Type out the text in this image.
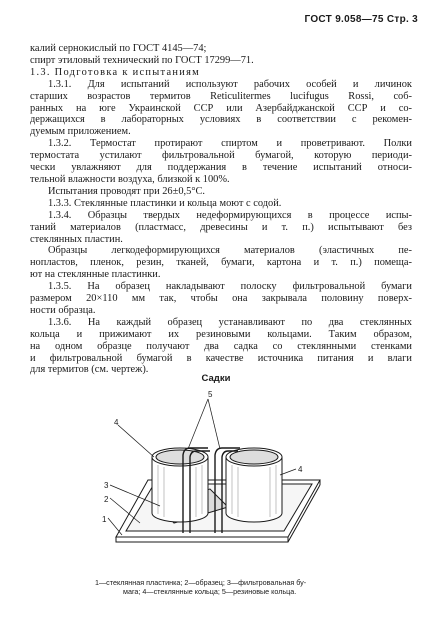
ГОСТ 9.058—75 Стр. 3
калий сернокислый по ГОСТ 4145—74;
спирт этиловый технический по ГОСТ 17299—71.
1.3. Подготовка к испытаниям
1.3.1. Для испытаний используют рабочих особей и личинок
старших возрастов термитов Reticulitermes lucifugus Rossi, соб-
ранных на юге Украинской ССР или Азербайджанской ССР и со-
держащихся в лабораторных условиях в соответствии с рекомен-
дуемым приложением.
1.3.2. Термостат протирают спиртом и проветривают. Полки
термостата устилают фильтровальной бумагой, которую периоди-
чески увлажняют для поддержания в течение испытаний относи-
тельной влажности воздуха, близкой к 100%.
Испытания проводят при 26±0,5°С.
1.3.3. Стеклянные пластинки и кольца моют с содой.
1.3.4. Образцы твердых недеформирующихся в процессе испы-
таний материалов (пластмасс, древесины и т. п.) испытывают без
стеклянных пластин.
Образцы легкодеформирующихся материалов (эластичных пе-
нопластов, пленок, резин, тканей, бумаги, картона и т. п.) помеща-
ют на стеклянные пластинки.
1.3.5. На образец накладывают полоску фильтровальной бумаги
размером 20×110 мм так, чтобы она закрывала половину поверх-
ности образца.
1.3.6. На каждый образец устанавливают по два стеклянных
кольца и прижимают их резиновыми кольцами. Таким образом,
на одном образце получают два садка со стеклянными стенками
и фильтровальной бумагой в качестве источника питания и влаги
для термитов (см. чертеж).
Садки
5
4
4
3
2
1
1—стеклянная пластинка; 2—образец; 3—фильтровальная бу-
мага; 4—стеклянные кольца; 5—резиновые кольца.
